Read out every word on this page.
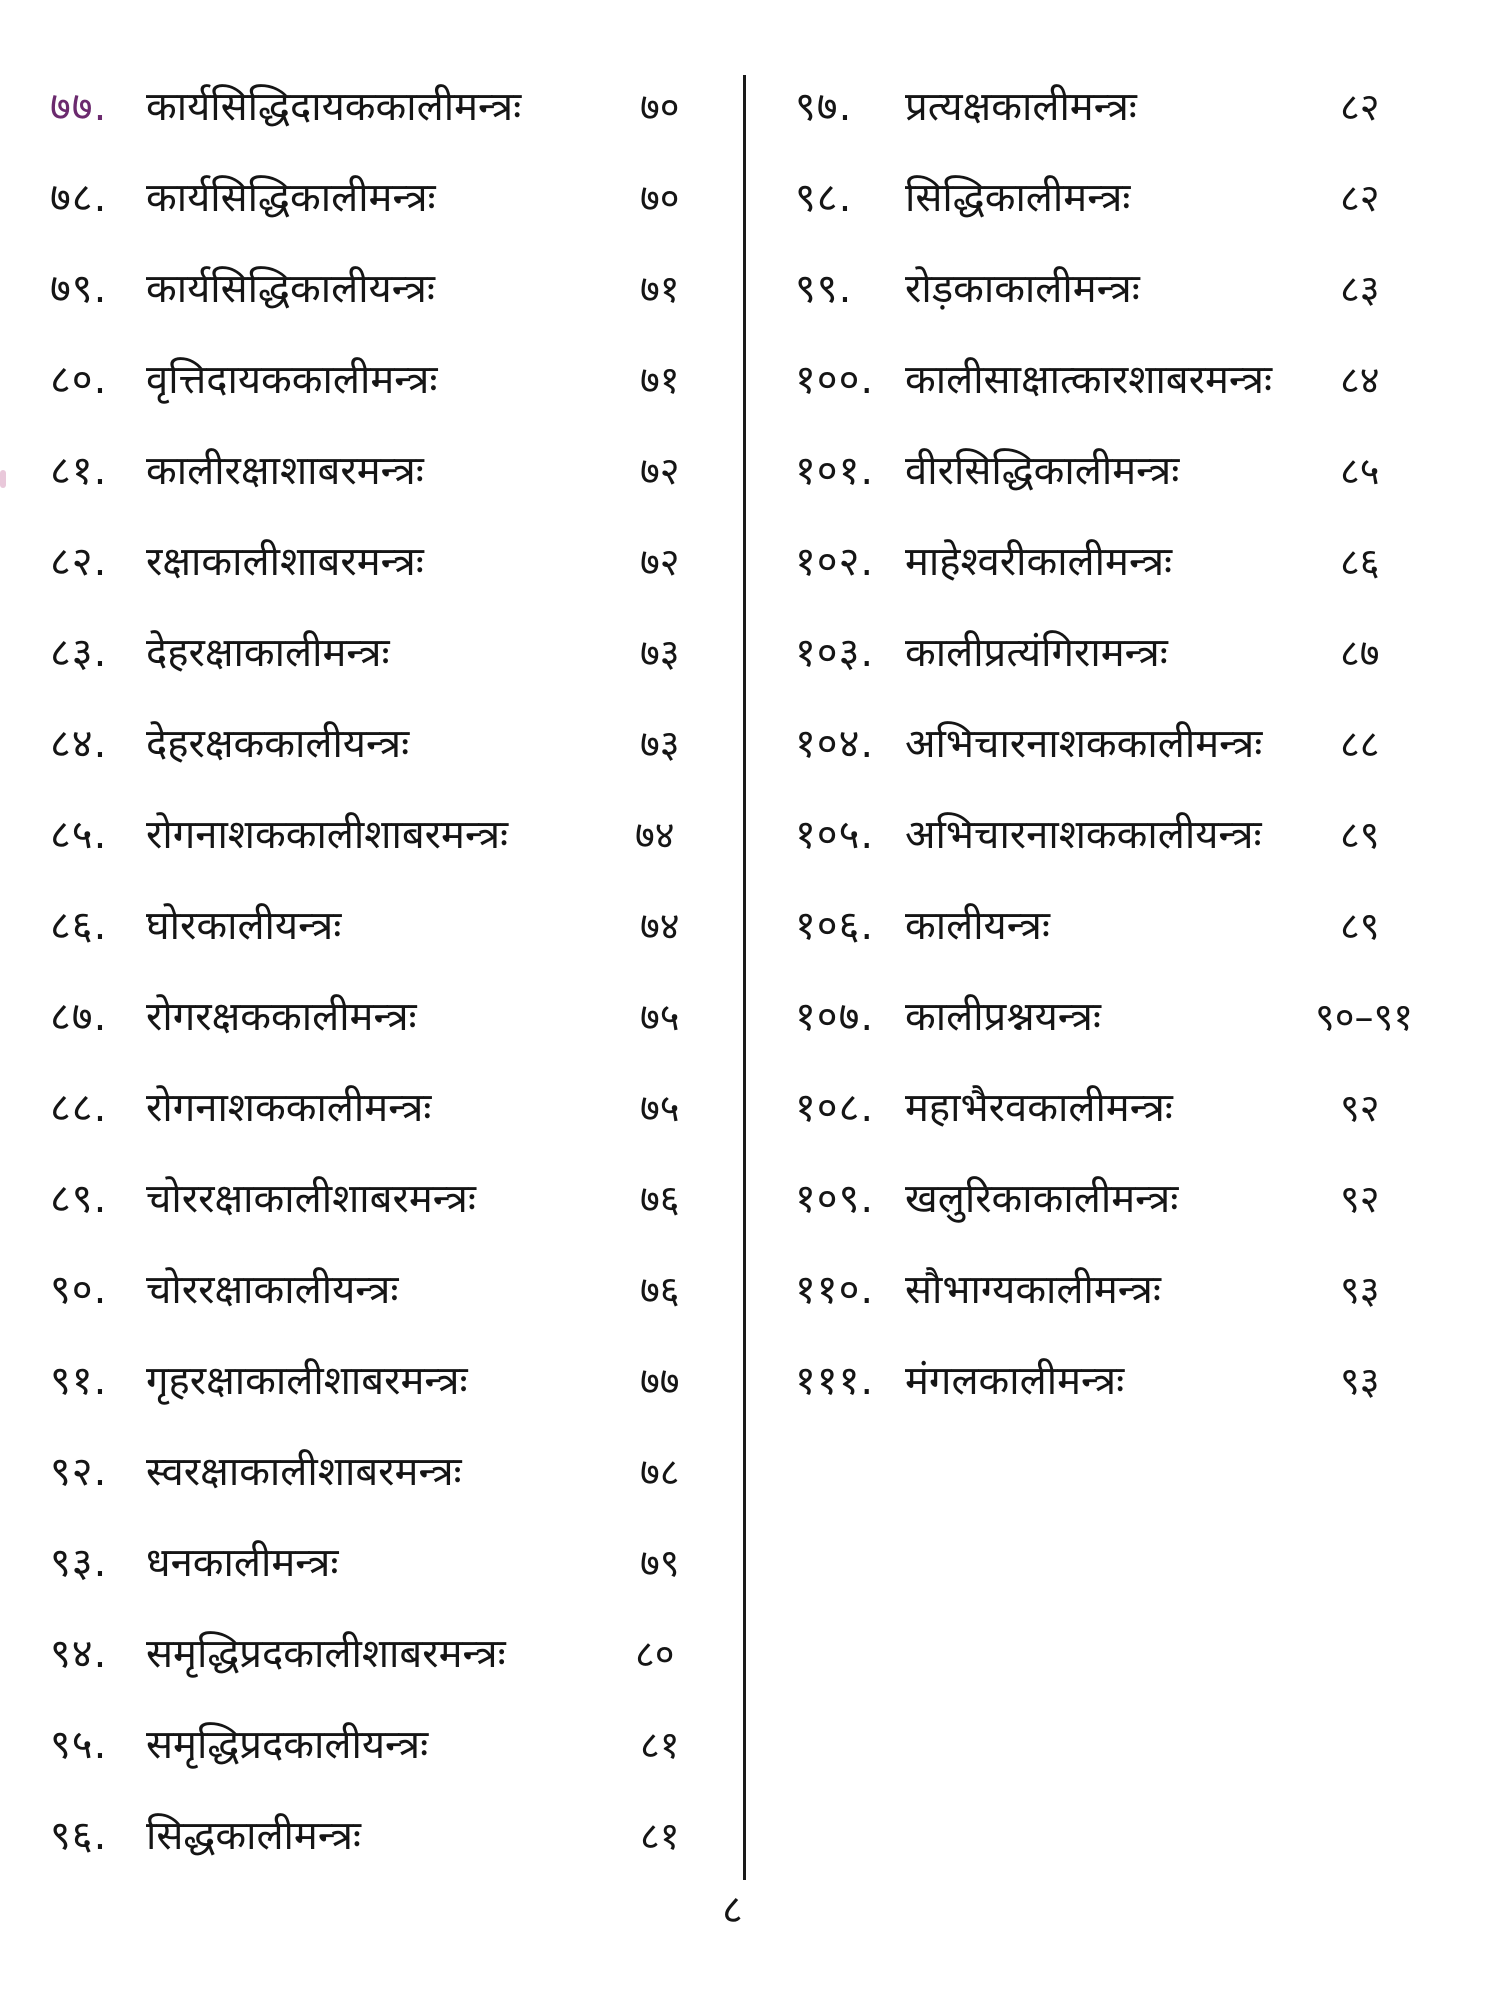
७७. कार्यसिद्धिदायककालीमन्त्रः	७०
७८. कार्यसिद्धिकालीमन्त्रः	७०
७९. कार्यसिद्धिकालीयन्त्रः	७१
८०. वृत्तिदायककालीमन्त्रः	७१
८१. कालीरक्षाशाबरमन्त्रः	७२
८२. रक्षाकालीशाबरमन्त्रः	७२
८३. देहरक्षाकालीमन्त्रः	७३
८४. देहरक्षककालीयन्त्रः	७३
८५. रोगनाशककालीशाबरमन्त्रः	७४
८६. घोरकालीयन्त्रः	७४
८७. रोगरक्षककालीमन्त्रः	७५
८८. रोगनाशककालीमन्त्रः	७५
८९. चोररक्षाकालीशाबरमन्त्रः	७६
९०. चोररक्षाकालीयन्त्रः	७६
९१. गृहरक्षाकालीशाबरमन्त्रः	७७
९२. स्वरक्षाकालीशाबरमन्त्रः	७८
९३. धनकालीमन्त्रः	७९
९४. समृद्धिप्रदकालीशाबरमन्त्रः	८०
९५. समृद्धिप्रदकालीयन्त्रः	८१
९६. सिद्धकालीमन्त्रः	८१
९७. प्रत्यक्षकालीमन्त्रः	८२
९८. सिद्धिकालीमन्त्रः	८२
९९. रोड़काकालीमन्त्रः	८३
१००. कालीसाक्षात्कारशाबरमन्त्रः ८४
१०१. वीरसिद्धिकालीमन्त्रः	८५
१०२. माहेश्वरीकालीमन्त्रः	८६
१०३. कालीप्रत्यंगिरामन्त्रः	८७
१०४. अभिचारनाशककालीमन्त्रः ८८
१०५. अभिचारनाशककालीयन्त्रः ८९
१०६. कालीयन्त्रः	८९
१०७. कालीप्रश्नयन्त्रः	९०–९१
१०८. महाभैरवकालीमन्त्रः	९२
१०९. खलुरिकाकालीमन्त्रः	९२
११०. सौभाग्यकालीमन्त्रः	९३
१११. मंगलकालीमन्त्रः	९३
८
